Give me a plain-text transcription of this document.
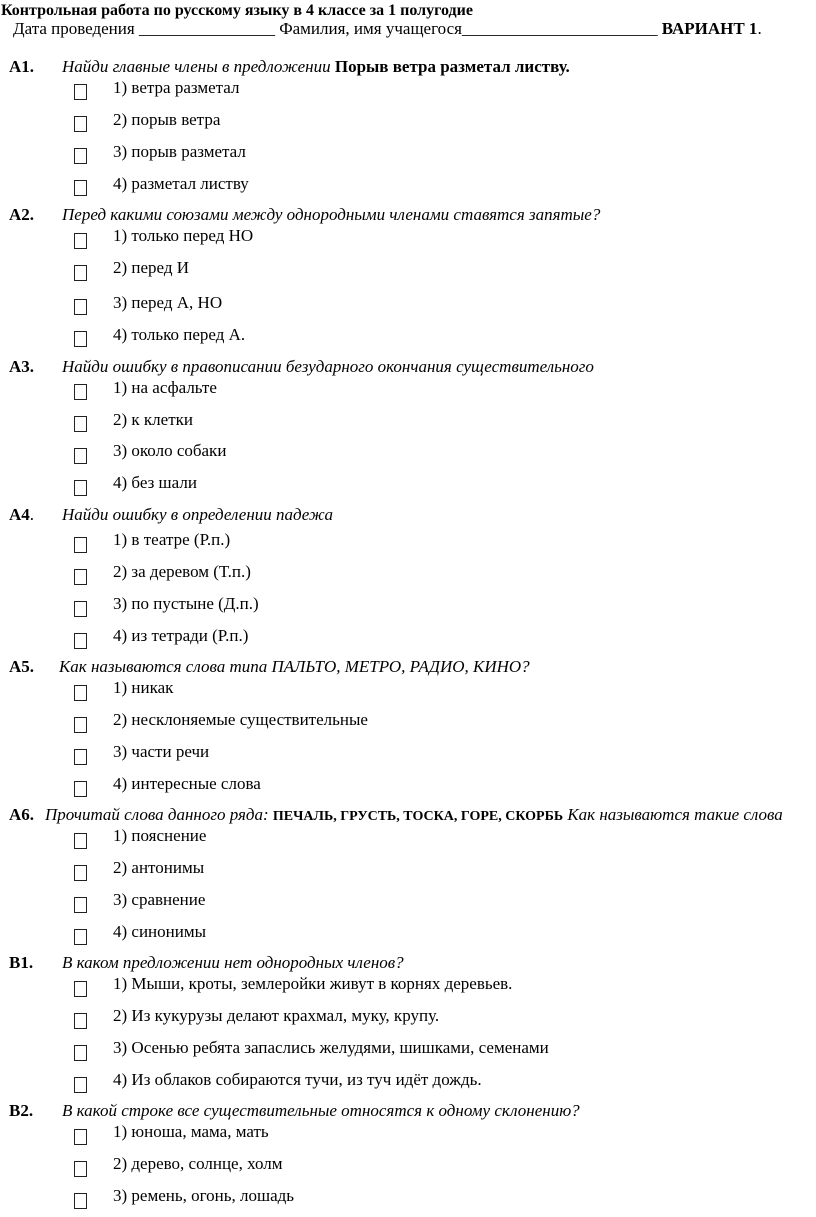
Контрольная работа по русскому языку в 4 классе за 1 полугодие
Дата проведения ________________ Фамилия, имя учащегося_______________________ ВАРИАНТ 1.
А1. Найди главные члены в предложении Порыв ветра разметал листву.
1) ветра разметал
2) порыв ветра
3) порыв разметал
4) разметал листву
А2. Перед какими союзами между однородными членами ставятся запятые?
1) только перед НО
2) перед И
3) перед А, НО
4) только перед А.
А3. Найди ошибку в правописании безударного окончания существительного
1) на асфальте
2) к клетки
3) около собаки
4) без шали
А4. Найди ошибку в определении падежа
1) в театре (Р.п.)
2) за деревом (Т.п.)
3) по пустыне (Д.п.)
4) из тетради (Р.п.)
А5. Как называются слова типа ПАЛЬТО, МЕТРО, РАДИО, КИНО?
1) никак
2) несклоняемые существительные
3) части речи
4) интересные слова
А6. Прочитай слова данного ряда: ПЕЧАЛЬ, ГРУСТЬ, ТОСКА, ГОРЕ, СКОРБЬ Как называются такие слова
1) пояснение
2) антонимы
3) сравнение
4) синонимы
В1. В каком предложении нет однородных членов?
1) Мыши, кроты, землеройки живут в корнях деревьев.
2) Из кукурузы делают крахмал, муку, крупу.
3) Осенью ребята запаслись желудями, шишками, семенами
4) Из облаков собираются тучи, из туч идёт дождь.
В2. В какой строке все существительные относятся к одному склонению?
1) юноша, мама, мать
2) дерево, солнце, холм
3) ремень, огонь, лошадь
